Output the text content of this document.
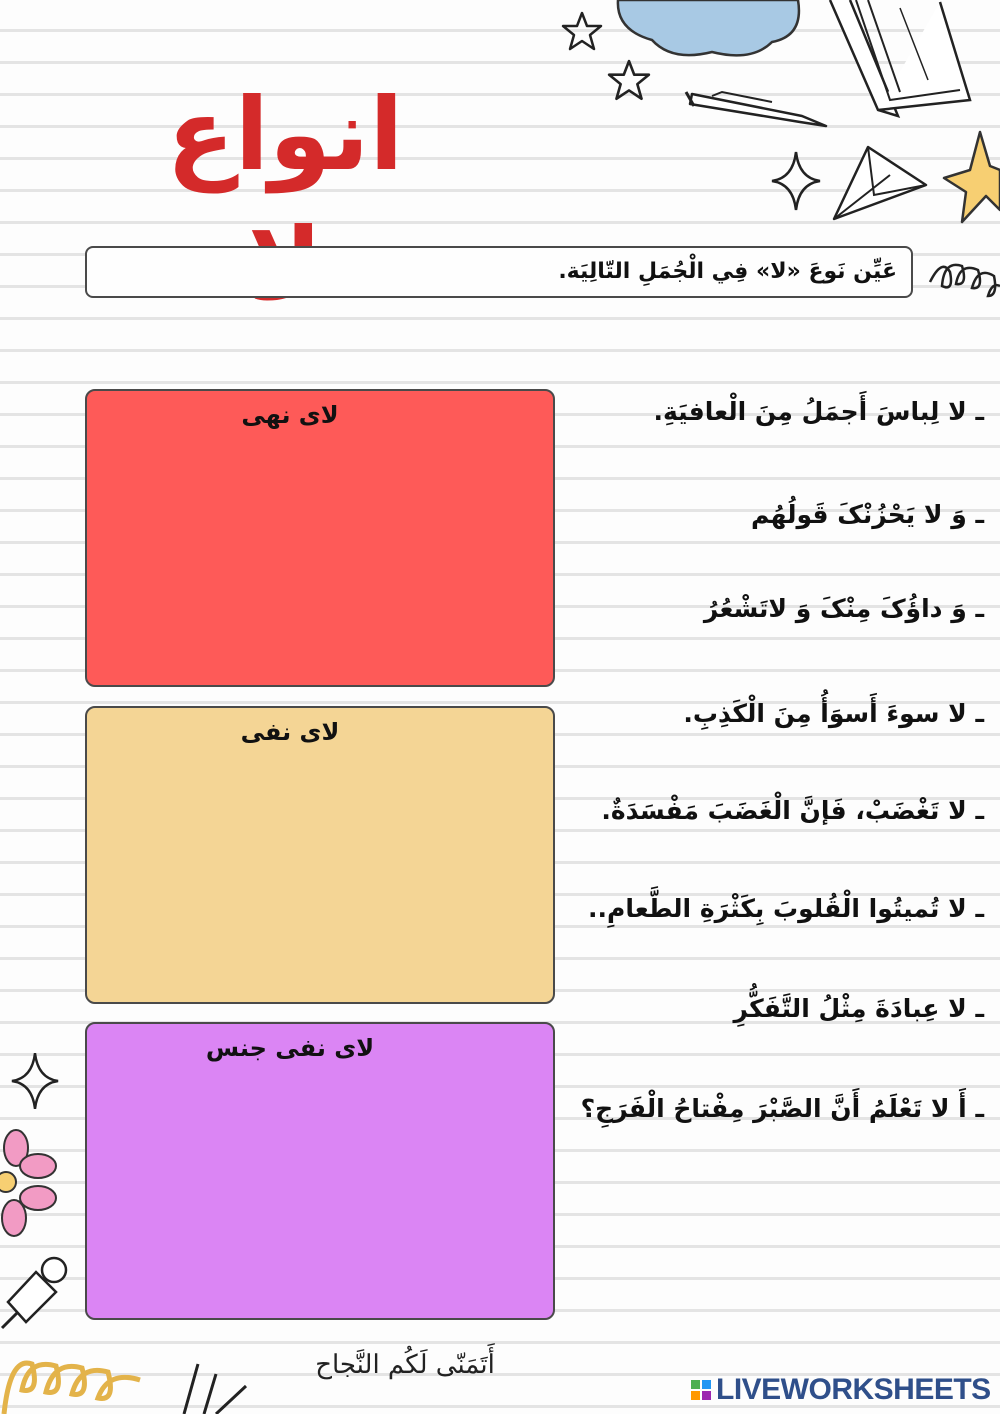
انواع
عَيِّن نَوعَ «لا» فِي الْجُمَلِ التّالِيَة.
لای نهی
لای نفی
لای نفی جنس
ـ لا لِباسَ أَجمَلُ مِنَ الْعافيَةِ.
ـ وَ لا يَحْزُنْکَ قَولُهُم
ـ وَ داؤُکَ مِنْکَ وَ لاتَشْعُرُ
ـ لا سوءَ أَسوَأُ مِنَ الْكَذِبِ.
ـ لا تَغْضَبْ، فَإنَّ الْغَضَبَ مَفْسَدَةٌ.
ـ لا تُميتُوا الْقُلوبَ بِكَثْرَةِ الطَّعامِ..
ـ لا عِبادَةَ مِثْلُ التَّفَكُّرِ
ـ أَ لا تَعْلَمُ أَنَّ الصَّبْرَ مِفْتاحُ الْفَرَجِ؟
أَتَمَنّى لَكُم النَّجاح
LIVEWORKSHEETS
